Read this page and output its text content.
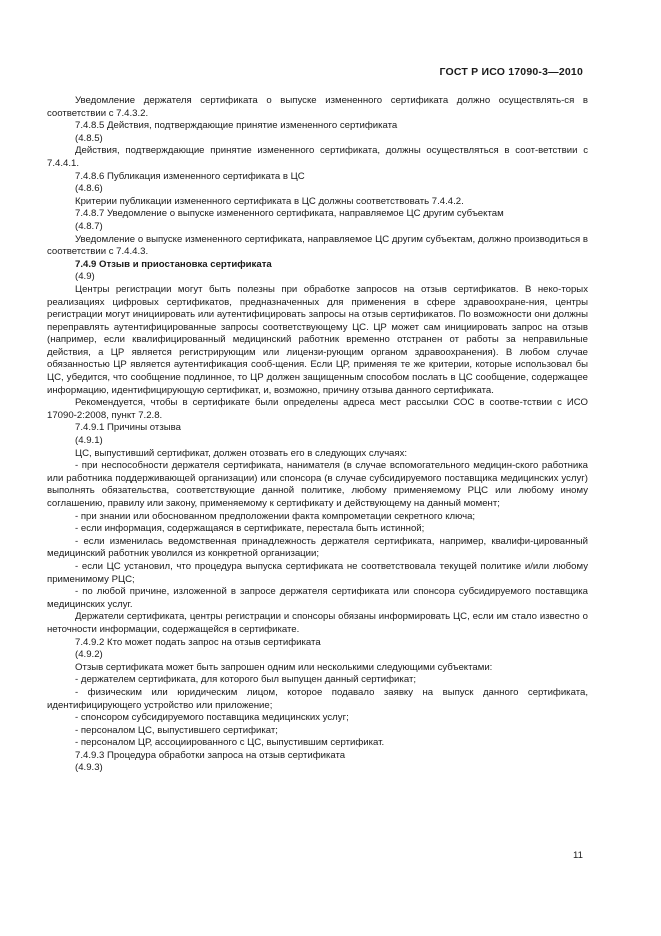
ГОСТ Р ИСО 17090-3—2010

Уведомление держателя сертификата о выпуске измененного сертификата должно осуществлять-ся в соответствии с 7.4.3.2.

7.4.8.5 Действия, подтверждающие принятие измененного сертификата

(4.8.5)

Действия, подтверждающие принятие измененного сертификата, должны осуществляться в соот-ветствии с 7.4.4.1.

7.4.8.6 Публикация измененного сертификата в ЦС

(4.8.6)

Критерии публикации измененного сертификата в ЦС должны соответствовать 7.4.4.2.

7.4.8.7 Уведомление о выпуске измененного сертификата, направляемое ЦС другим субъектам

(4.8.7)

Уведомление о выпуске измененного сертификата, направляемое ЦС другим субъектам, должно производиться в соответствии с 7.4.4.3.

7.4.9 Отзыв и приостановка сертификата

(4.9)

Центры регистрации могут быть полезны при обработке запросов на отзыв сертификатов. В неко-торых реализациях цифровых сертификатов, предназначенных для применения в сфере здравоохране-ния, центры регистрации могут инициировать или аутентифицировать запросы на отзыв сертификатов. По возможности они должны переправлять аутентифицированные запросы соответствующему ЦС. ЦР может сам инициировать запрос на отзыв (например, если квалифицированный медицинский работник временно отстранен от работы за неправильные действия, а ЦР является регистрирующим или лицензи-рующим органом здравоохранения). В любом случае обязанностью ЦР является аутентификация сооб-щения. Если ЦР, применяя те же критерии, которые использовал бы ЦС, убедится, что сообщение подлинное, то ЦР должен защищенным способом послать в ЦС сообщение, содержащее информацию, идентифицирующую сертификат, и, возможно, причину отзыва данного сертификата.

Рекомендуется, чтобы в сертификате были определены адреса мест рассылки СОС в соотве-тствии с ИСО 17090-2:2008, пункт 7.2.8.

7.4.9.1 Причины отзыва

(4.9.1)

ЦС, выпустивший сертификат, должен отозвать его в следующих случаях:

- при неспособности держателя сертификата, нанимателя (в случае вспомогательного медицин-ского работника или работника поддерживающей организации) или спонсора (в случае субсидируемого поставщика медицинских услуг) выполнять обязательства, соответствующие данной политике, любому применяемому РЦС или любому иному соглашению, правилу или закону, применяемому к сертификату и действующему на данный момент;

- при знании или обоснованном предположении факта компрометации секретного ключа;

- если информация, содержащаяся в сертификате, перестала быть истинной;

- если изменилась ведомственная принадлежность держателя сертификата, например, квалифи-цированный медицинский работник уволился из конкретной организации;

- если ЦС установил, что процедура выпуска сертификата не соответствовала текущей политике и/или любому применимому РЦС;

- по любой причине, изложенной в запросе держателя сертификата или спонсора субсидируемого поставщика медицинских услуг.

Держатели сертификата, центры регистрации и спонсоры обязаны информировать ЦС, если им стало известно о неточности информации, содержащейся в сертификате.

7.4.9.2 Кто может подать запрос на отзыв сертификата

(4.9.2)

Отзыв сертификата может быть запрошен одним или несколькими следующими субъектами:

- держателем сертификата, для которого был выпущен данный сертификат;

- физическим или юридическим лицом, которое подавало заявку на выпуск данного сертификата, идентифицирующего устройство или приложение;

- спонсором субсидируемого поставщика медицинских услуг;

- персоналом ЦС, выпустившего сертификат;

- персоналом ЦР, ассоциированного с ЦС, выпустившим сертификат.

7.4.9.3 Процедура обработки запроса на отзыв сертификата

(4.9.3)

11
